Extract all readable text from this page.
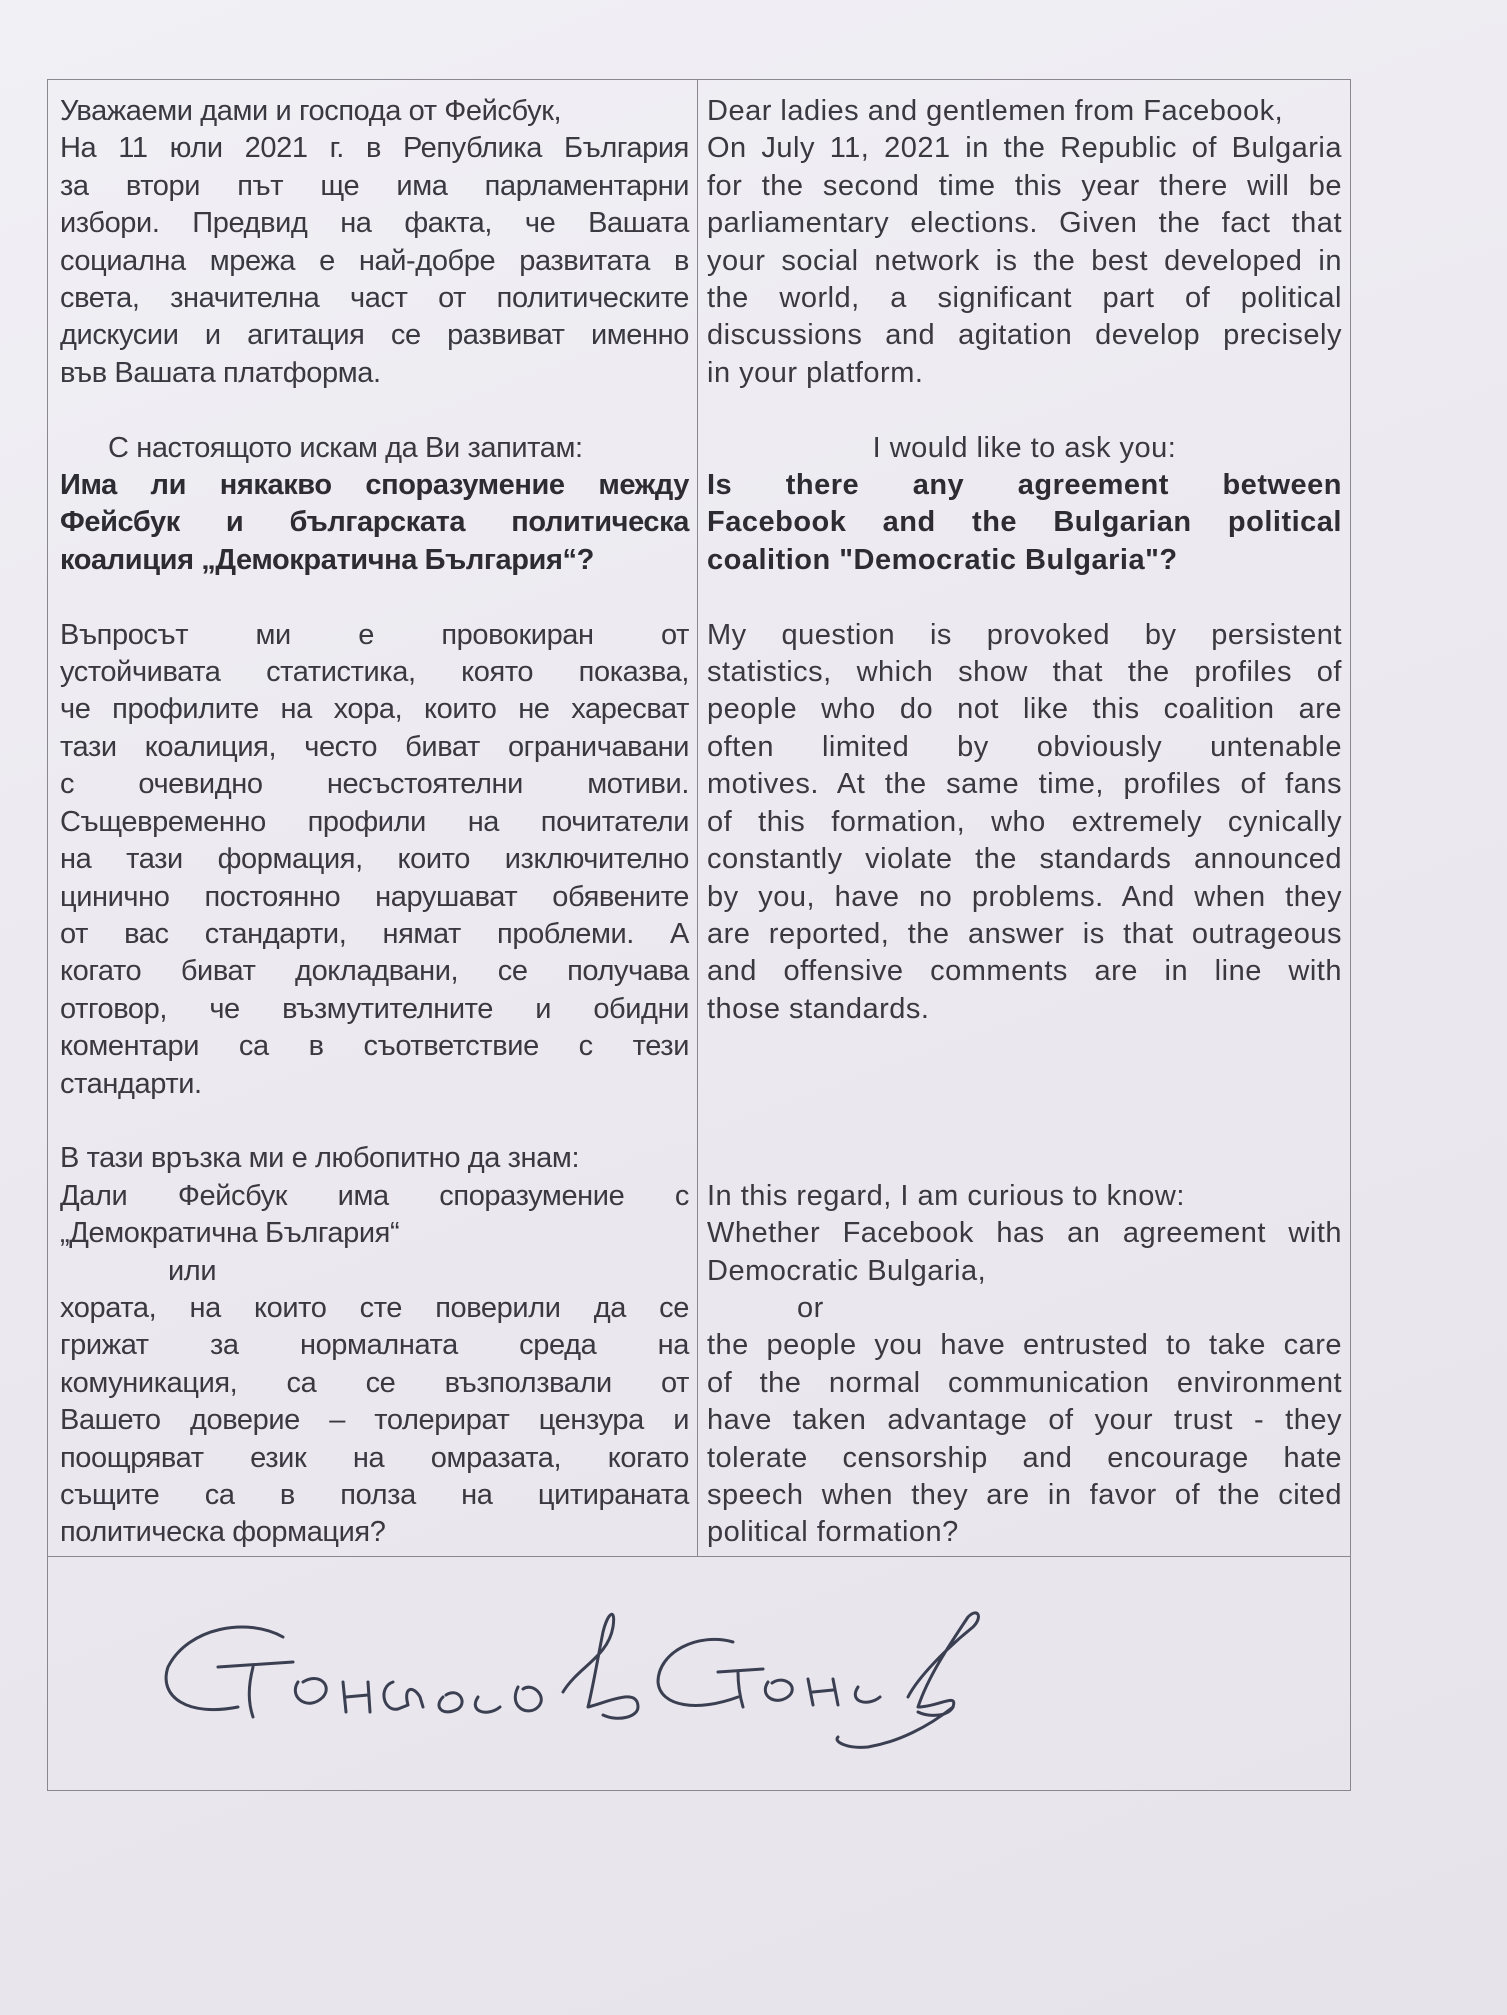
Уважаеми дами и господа от Фейсбук,
На 11 юли 2021 г. в Република България
за втори път ще има парламентарни
избори. Предвид на факта, че Вашата
социална мрежа е най-добре развитата в
света, значителна част от политическите
дискусии и агитация се развиват именно
във Вашата платформа.
С настоящото искам да Ви запитам:
Има ли някакво споразумение между
Фейсбук и българската политическа
коалиция „Демократична България“?
Въпросът ми е провокиран от
устойчивата статистика, която показва,
че профилите на хора, които не харесват
тази коалиция, често биват ограничавани
с очевидно несъстоятелни мотиви.
Същевременно профили на почитатели
на тази формация, които изключително
цинично постоянно нарушават обявените
от вас стандарти, нямат проблеми. А
когато биват докладвани, се получава
отговор, че възмутителните и обидни
коментари са в съответствие с тези
стандарти.
В тази връзка ми е любопитно да знам:
Дали Фейсбук има споразумение с
„Демократична България“
или
хората, на които сте поверили да се
грижат за нормалната среда на
комуникация, са се възползвали от
Вашето доверие – толерират цензура и
поощряват език на омразата, когато
същите са в полза на цитираната
политическа формация?
Dear ladies and gentlemen from Facebook,
On July 11, 2021 in the Republic of Bulgaria
for the second time this year there will be
parliamentary elections. Given the fact that
your social network is the best developed in
the world, a significant part of political
discussions and agitation develop precisely
in your platform.
I would like to ask you:
Is there any agreement between
Facebook and the Bulgarian political
coalition "Democratic Bulgaria"?
My question is provoked by persistent
statistics, which show that the profiles of
people who do not like this coalition are
often limited by obviously untenable
motives. At the same time, profiles of fans
of this formation, who extremely cynically
constantly violate the standards announced
by you, have no problems. And when they
are reported, the answer is that outrageous
and offensive comments are in line with
those standards.
In this regard, I am curious to know:
Whether Facebook has an agreement with
Democratic Bulgaria,
or
the people you have entrusted to take care
of the normal communication environment
have taken advantage of your trust - they
tolerate censorship and encourage hate
speech when they are in favor of the cited
political formation?
